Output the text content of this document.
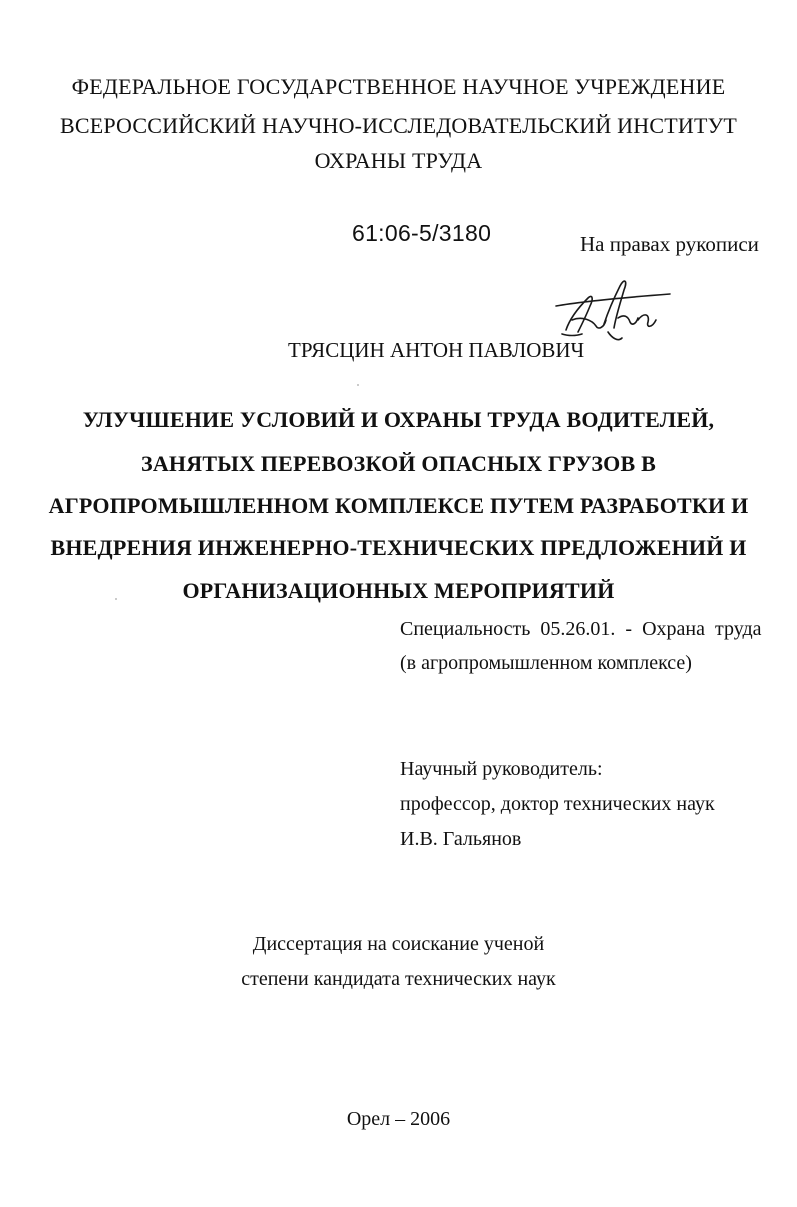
ФЕДЕРАЛЬНОЕ ГОСУДАРСТВЕННОЕ НАУЧНОЕ УЧРЕЖДЕНИЕ
ВСЕРОССИЙСКИЙ НАУЧНО-ИССЛЕДОВАТЕЛЬСКИЙ ИНСТИТУТ
ОХРАНЫ ТРУДА
61:06-5/3180	На правах рукописи
ТРЯСЦИН АНТОН ПАВЛОВИЧ
УЛУЧШЕНИЕ УСЛОВИЙ И ОХРАНЫ ТРУДА ВОДИТЕЛЕЙ,
ЗАНЯТЫХ ПЕРЕВОЗКОЙ ОПАСНЫХ ГРУЗОВ В
АГРОПРОМЫШЛЕННОМ КОМПЛЕКСЕ ПУТЕМ РАЗРАБОТКИ И
ВНЕДРЕНИЯ ИНЖЕНЕРНО-ТЕХНИЧЕСКИХ ПРЕДЛОЖЕНИЙ И
ОРГАНИЗАЦИОННЫХ МЕРОПРИЯТИЙ
Специальность  05.26.01.  -  Охрана  труда
(в агропромышленном комплексе)
Научный руководитель:
профессор, доктор технических наук
И.В. Гальянов
Диссертация на соискание ученой
степени кандидата технических наук
Орел – 2006
